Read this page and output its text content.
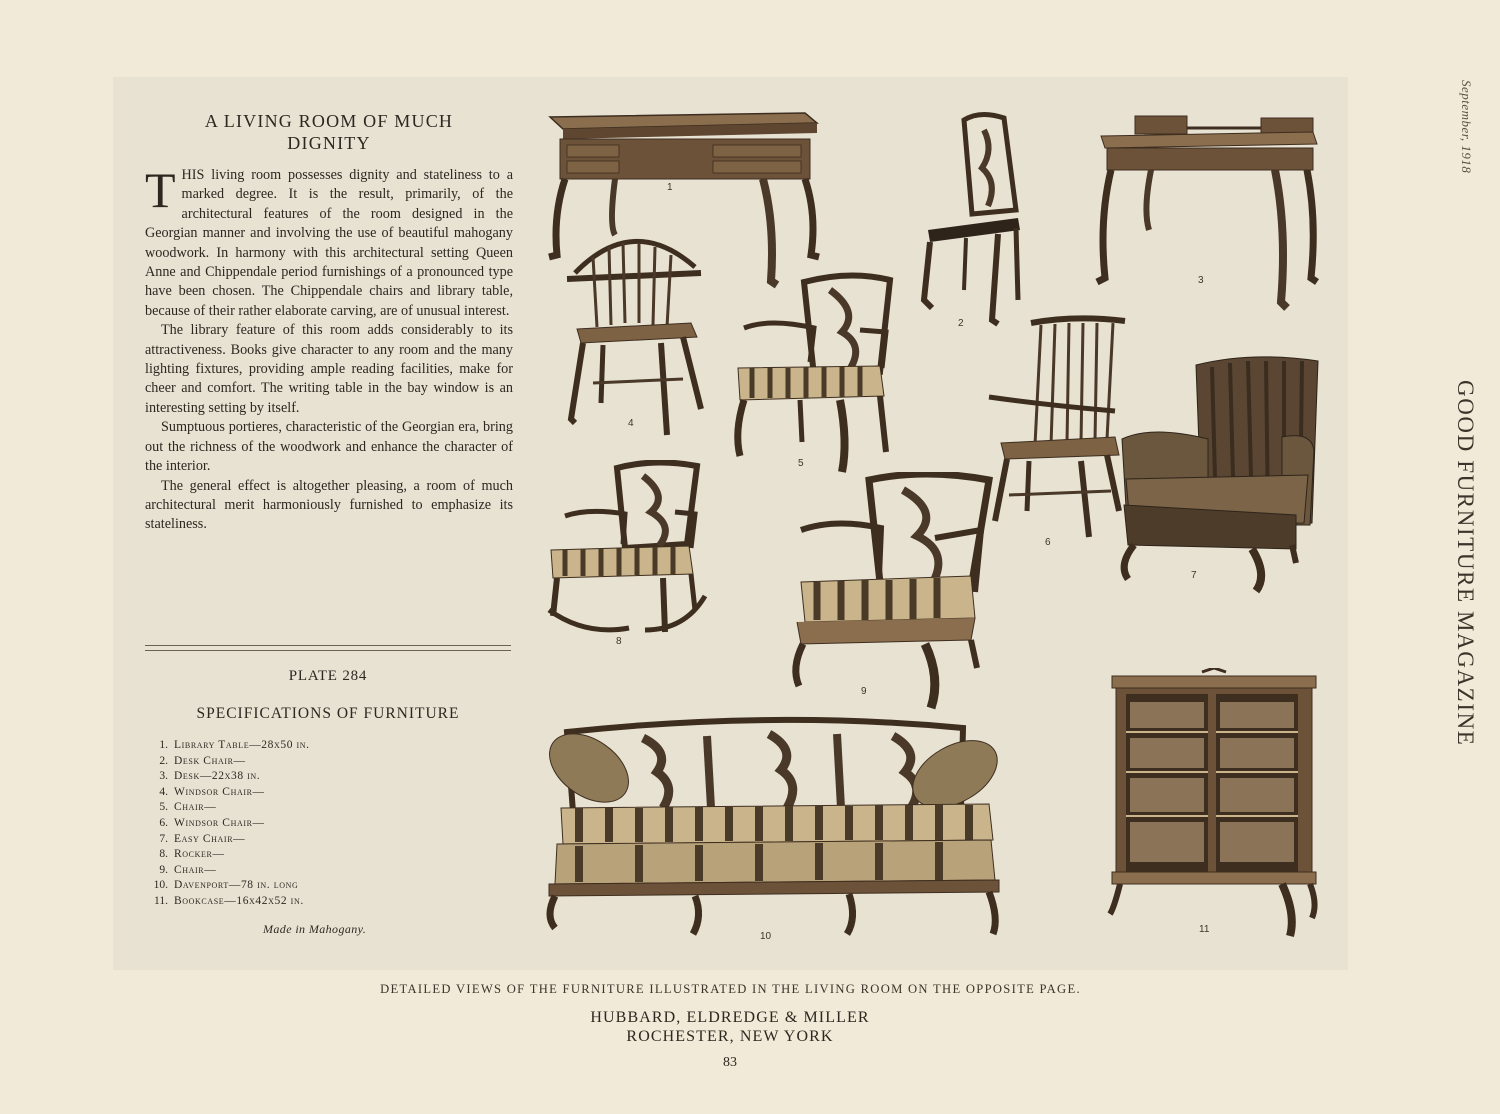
September, 1918
GOOD FURNITURE MAGAZINE
A LIVING ROOM OF MUCH DIGNITY

THIS living room possesses dignity and stateliness to a marked degree. It is the result, primarily, of the architectural features of the room designed in the Georgian manner and involving the use of beautiful mahogany woodwork. In harmony with this architectural setting Queen Anne and Chippendale period furnishings of a pronounced type have been chosen. The Chippendale chairs and library table, because of their rather elaborate carving, are of unusual interest.

The library feature of this room adds considerably to its attractiveness. Books give character to any room and the many lighting fixtures, providing ample reading facilities, make for cheer and comfort. The writing table in the bay window is an interesting setting by itself.

Sumptuous portieres, characteristic of the Georgian era, bring out the richness of the woodwork and enhance the character of the interior.

The general effect is altogether pleasing, a room of much architectural merit harmoniously furnished to emphasize its stateliness.

PLATE 284
SPECIFICATIONS OF FURNITURE
1. Library Table—28x50 in.
2. Desk Chair—
3. Desk—22x38 in.
4. Windsor Chair—
5. Chair—
6. Windsor Chair—
7. Easy Chair—
8. Rocker—
9. Chair—
10. Davenport—78 in. long
11. Bookcase—16x42x52 in.
Made in Mahogany.
1
2
3
4
5
6
7
8
9
10
11
DETAILED VIEWS OF THE FURNITURE ILLUSTRATED IN THE LIVING ROOM ON THE OPPOSITE PAGE.
HUBBARD, ELDREDGE & MILLER
ROCHESTER, NEW YORK
83
